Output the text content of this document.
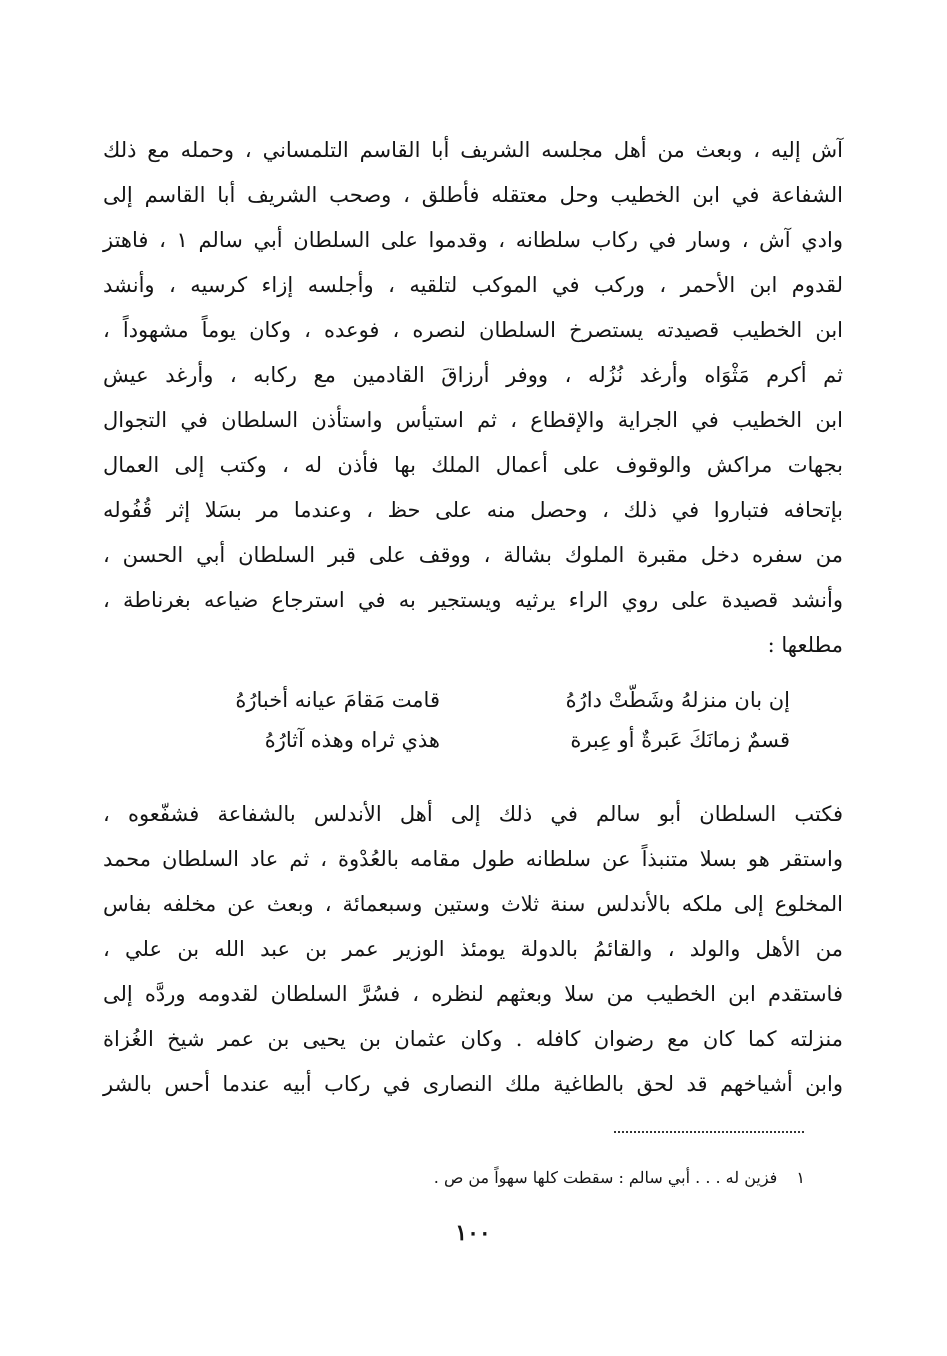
آش إليه ، وبعث من أهل مجلسه الشريف أبا القاسم التلمساني ، وحمله مع ذلك
الشفاعة في ابن الخطيب وحل معتقله فأطلق ، وصحب الشريف أبا القاسم إلى
وادي آش ، وسار في ركاب سلطانه ، وقدموا على السلطان أبي سالم ١ ، فاهتز
لقدوم ابن الأحمر ، وركب في الموكب لتلقيه ، وأجلسه إزاء كرسيه ، وأنشد
ابن الخطيب قصيدته يستصرخ السلطان لنصره ، فوعده ، وكان يوماً مشهوداً ،
ثم أكرم مَثْوَاه وأرغد نُزُله ، ووفر أرزاقَ القادمين مع ركابه ، وأرغد عيش
ابن الخطيب في الجراية والإقطاع ، ثم استيأس واستأذن السلطان في التجوال
بجهات مراكش والوقوف على أعمال الملك بها فأذن له ، وكتب إلى العمال
بإتحافه فتباروا في ذلك ، وحصل منه على حظ ، وعندما مر بسَلا إثر قُفُوله
من سفره دخل مقبرة الملوك بشالة ، ووقف على قبر السلطان أبي الحسن ،
وأنشد قصيدة على روي الراء يرثيه ويستجير به في استرجاع ضياعه بغرناطة ،
مطلعها :
إن بان منزلهُ وشَطّتْ دارُهُ
قامت مَقامَ عيانه أخبارُهُ
قسمٌ زمانَكَ عَبرةٌ أو عِبرة
هذي ثراه وهذه آثارُهُ
فكتب السلطان أبو سالم في ذلك إلى أهل الأندلس بالشفاعة فشفّعوه ،
واستقر هو بسلا متنبذاً عن سلطانه طول مقامه بالعُدْوة ، ثم عاد السلطان محمد
المخلوع إلى ملكه بالأندلس سنة ثلاث وستين وسبعمائة ، وبعث عن مخلفه بفاس
من الأهل والولد ، والقائمُ بالدولة يومئذ الوزير عمر بن عبد الله بن علي ،
فاستقدم ابن الخطيب من سلا وبعثهم لنظره ، فسُرَّ السلطان لقدومه وردَّه إلى
منزلته كما كان مع رضوان كافله . وكان عثمان بن يحيى بن عمر شيخ الغُزاة
وابن أشياخهم قد لحق بالطاغية ملك النصارى في ركاب أبيه عندما أحس بالشر
١ فزين له . . . أبي سالم : سقطت كلها سهواً من ص .
١٠٠
